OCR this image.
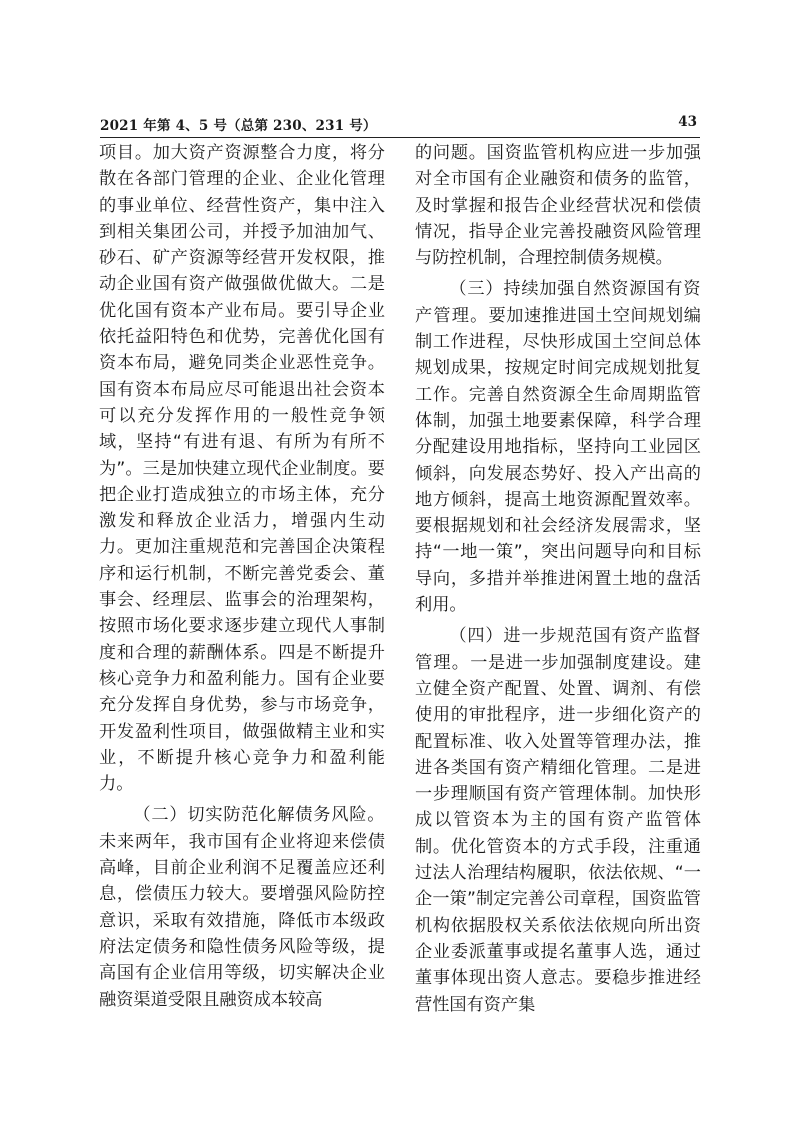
2021 年第 4、5 号（总第 230、231 号）	43

项目。加大资产资源整合力度，将分散在各部门管理的企业、企业化管理的事业单位、经营性资产，集中注入到相关集团公司，并授予加油加气、砂石、矿产资源等经营开发权限，推动企业国有资产做强做优做大。二是优化国有资本产业布局。要引导企业依托益阳特色和优势，完善优化国有资本布局，避免同类企业恶性竞争。国有资本布局应尽可能退出社会资本可以充分发挥作用的一般性竞争领域，坚持“有进有退、有所为有所不为”。三是加快建立现代企业制度。要把企业打造成独立的市场主体，充分激发和释放企业活力，增强内生动力。更加注重规范和完善国企决策程序和运行机制，不断完善党委会、董事会、经理层、监事会的治理架构，按照市场化要求逐步建立现代人事制度和合理的薪酬体系。四是不断提升核心竞争力和盈利能力。国有企业要充分发挥自身优势，参与市场竞争，开发盈利性项目，做强做精主业和实业，不断提升核心竞争力和盈利能力。

（二）切实防范化解债务风险。未来两年，我市国有企业将迎来偿债高峰，目前企业利润不足覆盖应还利息，偿债压力较大。要增强风险防控意识，采取有效措施，降低市本级政府法定债务和隐性债务风险等级，提高国有企业信用等级，切实解决企业融资渠道受限且融资成本较高

的问题。国资监管机构应进一步加强对全市国有企业融资和债务的监管，及时掌握和报告企业经营状况和偿债情况，指导企业完善投融资风险管理与防控机制，合理控制债务规模。

（三）持续加强自然资源国有资产管理。要加速推进国土空间规划编制工作进程，尽快形成国土空间总体规划成果，按规定时间完成规划批复工作。完善自然资源全生命周期监管体制，加强土地要素保障，科学合理分配建设用地指标，坚持向工业园区倾斜，向发展态势好、投入产出高的地方倾斜，提高土地资源配置效率。要根据规划和社会经济发展需求，坚持“一地一策”，突出问题导向和目标导向，多措并举推进闲置土地的盘活利用。

（四）进一步规范国有资产监督管理。一是进一步加强制度建设。建立健全资产配置、处置、调剂、有偿使用的审批程序，进一步细化资产的配置标准、收入处置等管理办法，推进各类国有资产精细化管理。二是进一步理顺国有资产管理体制。加快形成以管资本为主的国有资产监管体制。优化管资本的方式手段，注重通过法人治理结构履职，依法依规、“一企一策”制定完善公司章程，国资监管机构依据股权关系依法依规向所出资企业委派董事或提名董事人选，通过董事体现出资人意志。要稳步推进经营性国有资产集
